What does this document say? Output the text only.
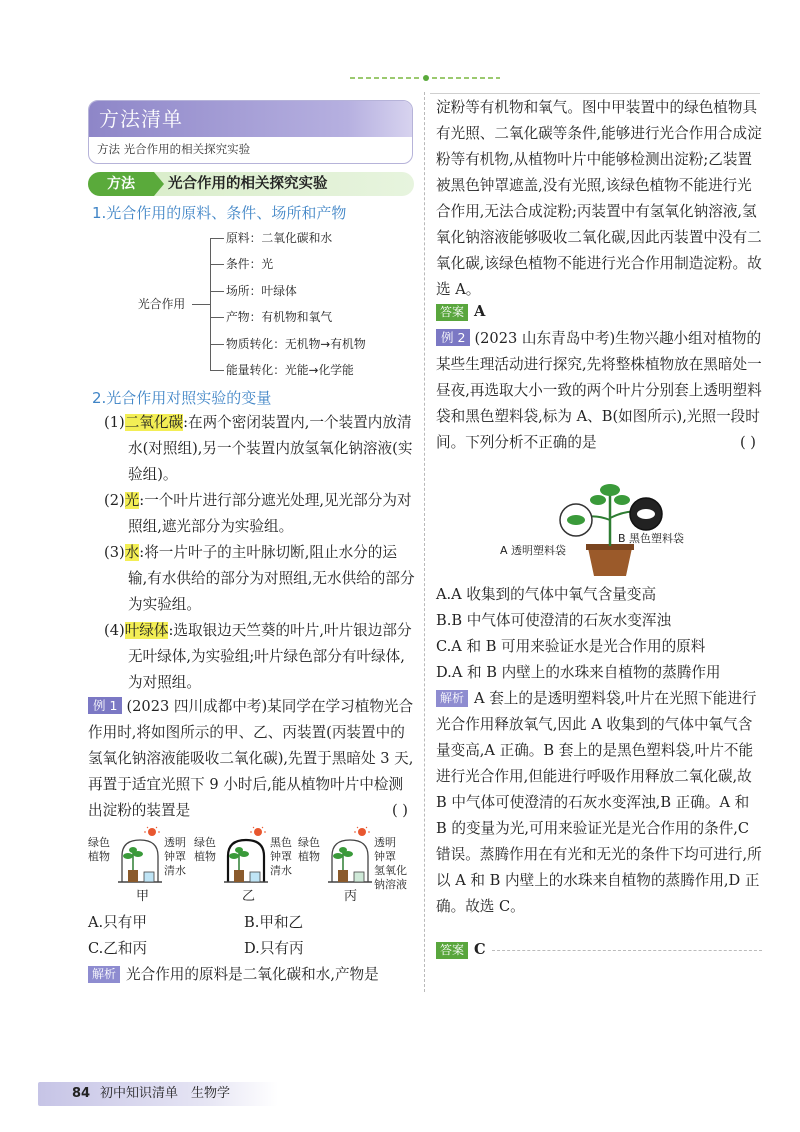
方法清单
方法 光合作用的相关探究实验
方法	光合作用的相关探究实验
1.光合作用的原料、条件、场所和产物
光合作用
原料：二氧化碳和水
条件：光
场所：叶绿体
产物：有机物和氧气
物质转化：无机物→有机物
能量转化：光能→化学能
2.光合作用对照实验的变量

(1)二氧化碳:在两个密闭装置内,一个装置内放清水(对照组),另一个装置内放氢氧化钠溶液(实验组)。

(2)光:一个叶片进行部分遮光处理,见光部分为对照组,遮光部分为实验组。

(3)水:将一片叶子的主叶脉切断,阻止水分的运输,有水供给的部分为对照组,无水供给的部分为实验组。

(4)叶绿体:选取银边天竺葵的叶片,叶片银边部分无叶绿体,为实验组;叶片绿色部分有叶绿体,为对照组。

例 1 (2023 四川成都中考)某同学在学习植物光合作用时,将如图所示的甲、乙、丙装置(丙装置中的氢氧化钠溶液能吸收二氧化碳),先置于黑暗处 3 天,再置于适宜光照下 9 小时后,能从植物叶片中检测出淀粉的装置是	( )

绿色
植物
透明
钟罩
清水
甲
绿色
植物
黑色
钟罩
清水
乙
绿色
植物
透明
钟罩
氢氧化
钠溶液
丙
A.只有甲	B.甲和乙
C.乙和丙	D.只有丙

解析 光合作用的原料是二氧化碳和水,产物是

淀粉等有机物和氧气。图中甲装置中的绿色植物具有光照、二氧化碳等条件,能够进行光合作用合成淀粉等有机物,从植物叶片中能够检测出淀粉;乙装置被黑色钟罩遮盖,没有光照,该绿色植物不能进行光合作用,无法合成淀粉;丙装置中有氢氧化钠溶液,氢氧化钠溶液能够吸收二氧化碳,因此丙装置中没有二氧化碳,该绿色植物不能进行光合作用制造淀粉。故选 A。
答案 A

例 2 (2023 山东青岛中考)生物兴趣小组对植物的某些生理活动进行探究,先将整株植物放在黑暗处一昼夜,再选取大小一致的两个叶片分别套上透明塑料袋和黑色塑料袋,标为 A、B(如图所示),光照一段时间。下列分析不正确的是	( )

A 透明塑料袋
B 黑色塑料袋

A.A 收集到的气体中氧气含量变高

B.B 中气体可使澄清的石灰水变浑浊

C.A 和 B 可用来验证水是光合作用的原料

D.A 和 B 内壁上的水珠来自植物的蒸腾作用

解析 A 套上的是透明塑料袋,叶片在光照下能进行光合作用释放氧气,因此 A 收集到的气体中氧气含量变高,A 正确。B 套上的是黑色塑料袋,叶片不能进行光合作用,但能进行呼吸作用释放二氧化碳,故 B 中气体可使澄清的石灰水变浑浊,B 正确。A 和 B 的变量为光,可用来验证光是光合作用的条件,C 错误。蒸腾作用在有光和无光的条件下均可进行,所以 A 和 B 内壁上的水珠来自植物的蒸腾作用,D 正确。故选 C。

答案 C
84 初中知识清单　生物学
